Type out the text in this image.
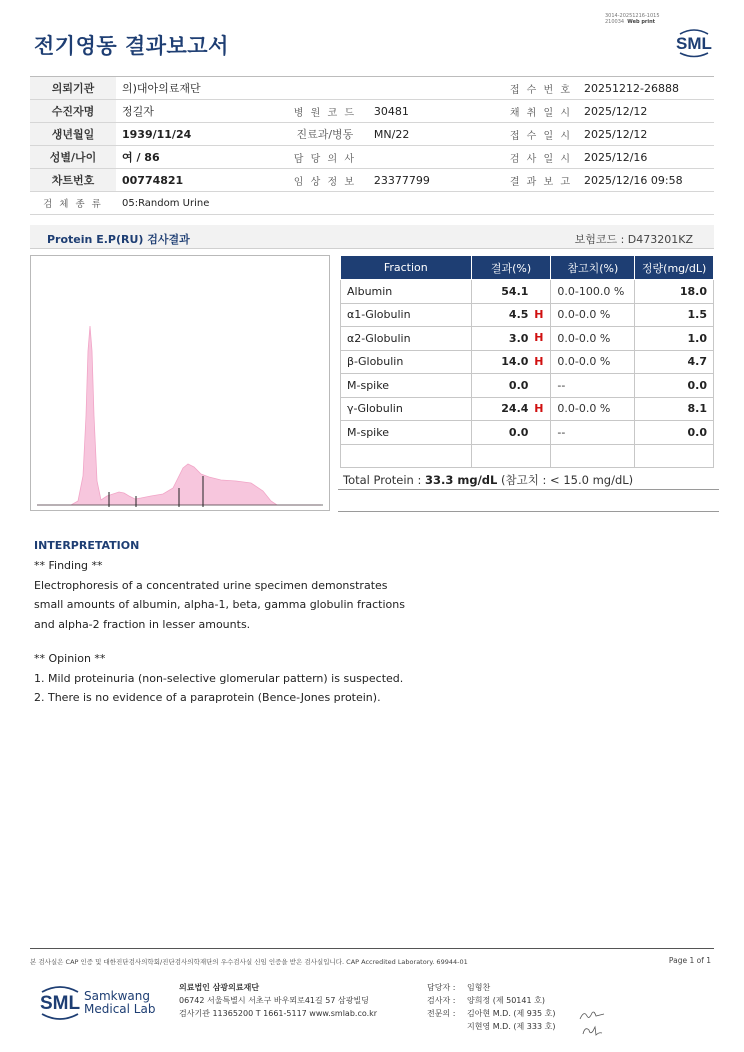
3014-20251216-1015
210034 Web print
전기영동 결과보고서	SML
의뢰기관	의)대아의료재단			접 수 번 호	20251212-26888
수진자명	정길자	병 원 코 드	30481	채 취 일 시	2025/12/12
생년월일	1939/11/24	진료과/병동	MN/22	접 수 일 시	2025/12/12
성별/나이	여 / 86	담 당 의 사		검 사 일 시	2025/12/16
차트번호	00774821	임 상 정 보	23377799	결 과 보 고	2025/12/16 09:58
검 체 종 류	05:Random Urine				
Protein E.P(RU) 검사결과	보험코드 : D473201KZ
Fraction	결과(%)	참고치(%)	정량(mg/dL)
Albumin	54.1	0.0-100.0 %	18.0
α1-Globulin	4.5 H	0.0-0.0 %	1.5
α2-Globulin	3.0 H	0.0-0.0 %	1.0
β-Globulin	14.0 H	0.0-0.0 %	4.7
M-spike	0.0	--	0.0
γ-Globulin	24.4 H	0.0-0.0 %	8.1
M-spike	0.0	--	0.0

Total Protein : 33.3 mg/dL (참고치 : < 15.0 mg/dL)
INTERPRETATION
** Finding **
Electrophoresis of a concentrated urine specimen demonstrates
small amounts of albumin, alpha-1, beta, gamma globulin fractions
and alpha-2 fraction in lesser amounts.
** Opinion **
1. Mild proteinuria (non-selective glomerular pattern) is suspected.
2. There is no evidence of a paraprotein (Bence-Jones protein).
본 검사실은 CAP 인증 및 대한진단검사의학회/진단검사의학재단의 우수검사실 신임 인증을 받은 검사실입니다. CAP Accredited Laboratory. 69944-01	Page 1 of 1
SML Samkwang
Medical Lab
의료법인 삼광의료재단
06742 서울특별시 서초구 바우뫼로41길 57 삼광빌딩
검사기관 11365200 T 1661-5117 www.smlab.co.kr
담당자 : 임형찬
검사자 : 양희정 (제 50141 호)
전문의 : 김아현 M.D. (제 935 호)
지현영 M.D. (제 333 호)
